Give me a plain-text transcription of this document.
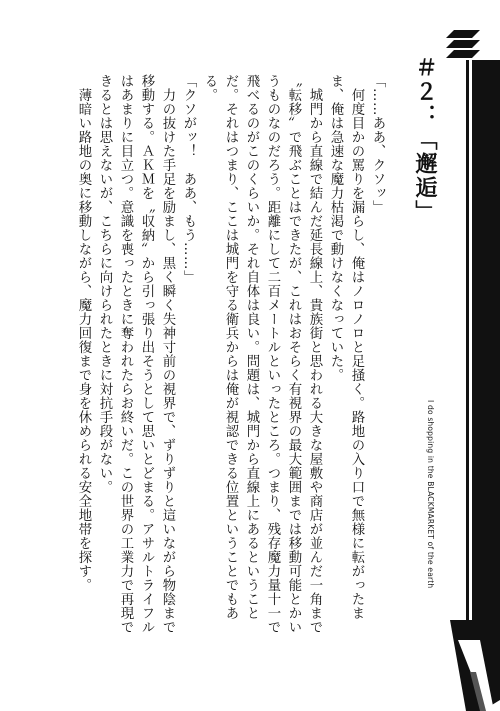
＃２：「邂逅」
I do shopping in the BLACKMARKET of the earth

「……ああ、クソッ」

　何度目かの罵りを漏らし、俺はノロノロと足掻く。路地の入り口で無様に転がったまま、俺は急速な魔力枯渇で動けなくなっていた。

　城門から直線で結んだ延長線上、貴族街と思われる大きな屋敷や商店が並んだ一角まで〝転移〟で飛ぶことはできたが、これはおそらく有視界の最大範囲までは移動可能とかいうものなのだろう。距離にして二百メートルといったところ。つまり、残存魔力量十一で飛べるのがこのくらいか。それ自体は良い。問題は、城門から直線上にあるということだ。それはつまり、ここは城門を守る衛兵からは俺が視認できる位置ということでもある。

「クソがッ！　ああ、もう……」

　力の抜けた手足を励まし、黒く瞬く失神寸前の視界で、ずりずりと這いながら物陰まで移動する。ＡＫＭを〝収納〟から引っ張り出そうとして思いとどまる。アサルトライフルはあまりに目立つ。意識を喪ったときに奪われたらお終いだ。この世界の工業力で再現できるとは思えないが、こちらに向けられたときに対抗手段がない。

　薄暗い路地の奥に移動しながら、魔力回復まで身を休められる安全地帯を探す。
